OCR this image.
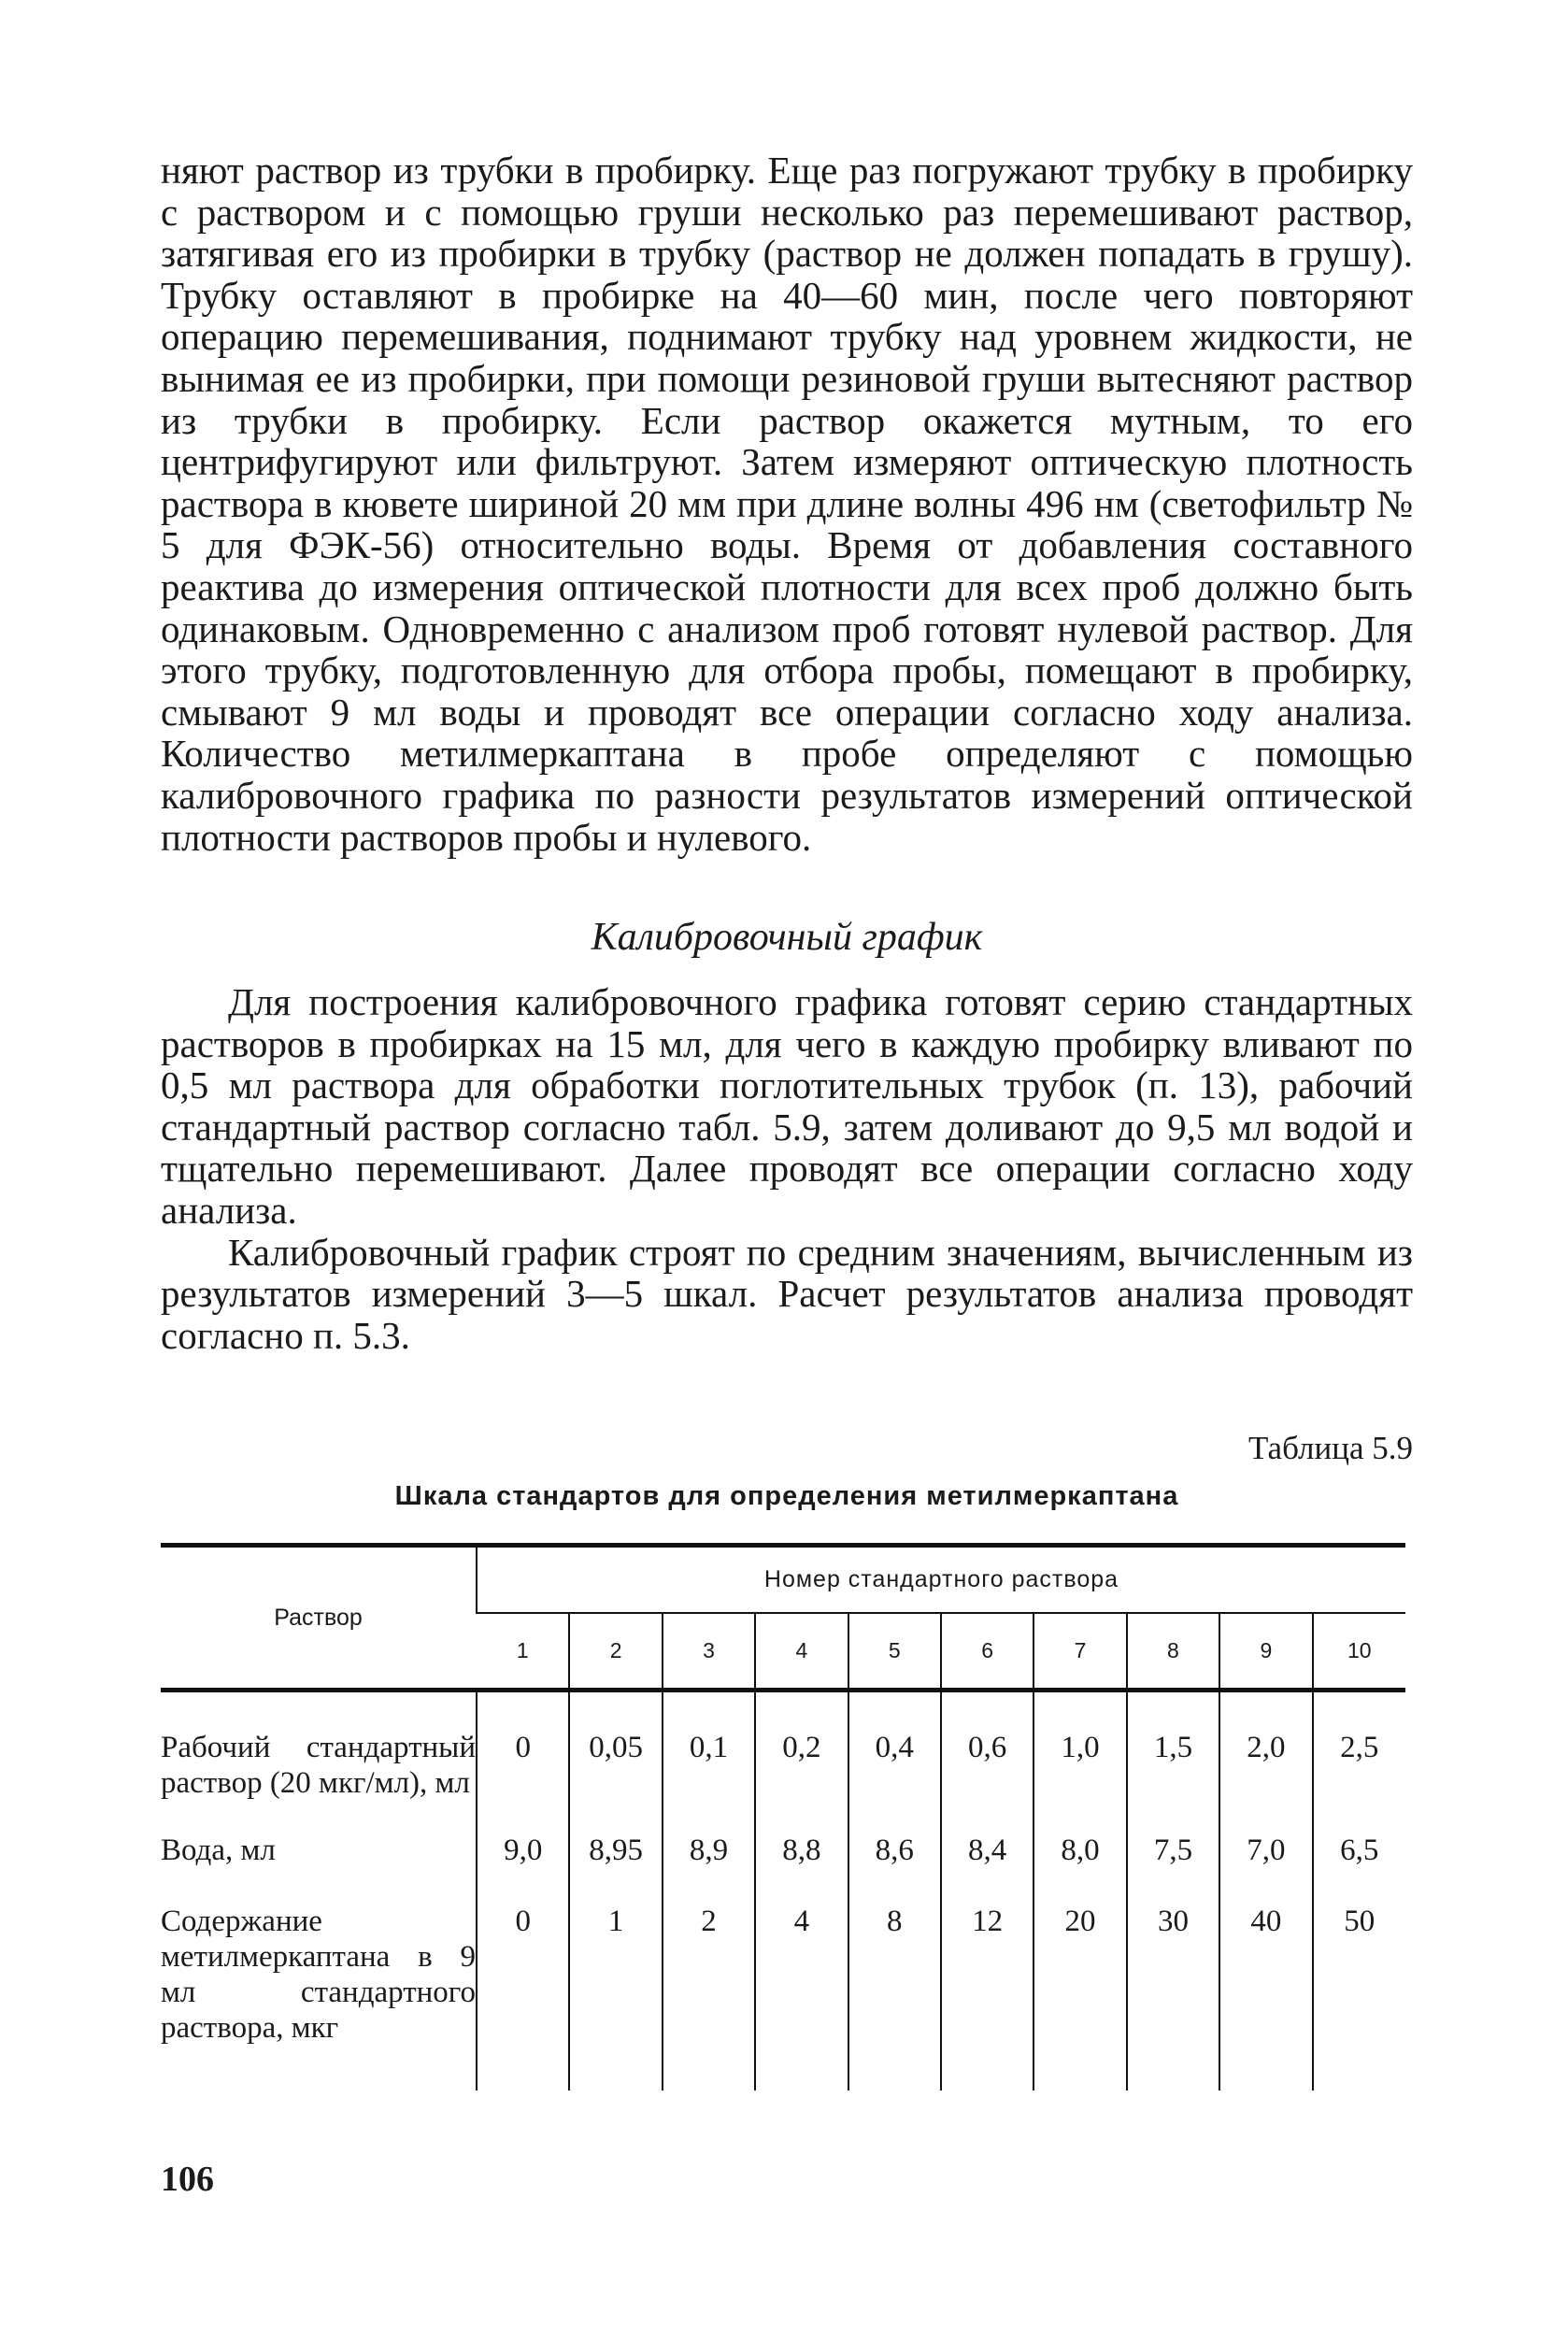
няют раствор из трубки в пробирку. Еще раз погружают трубку в пробирку с раствором и с помощью груши несколько раз перемешивают раствор, затягивая его из пробирки в трубку (раствор не должен попадать в грушу). Трубку оставляют в пробирке на 40—60 мин, после чего повторяют операцию перемешивания, поднимают трубку над уровнем жидкости, не вынимая ее из пробирки, при помощи резиновой груши вытесняют раствор из трубки в пробирку. Если раствор окажется мутным, то его центрифугируют или фильтруют. Затем измеряют оптическую плотность раствора в кювете шириной 20 мм при длине волны 496 нм (светофильтр № 5 для ФЭК-56) относительно воды. Время от добавления составного реактива до измерения оптической плотности для всех проб должно быть одинаковым. Одновременно с анализом проб готовят нулевой раствор. Для этого трубку, подготовленную для отбора пробы, помещают в пробирку, смывают 9 мл воды и проводят все операции согласно ходу анализа. Количество метилмеркаптана в пробе определяют с помощью калибровочного графика по разности результатов измерений оптической плотности растворов пробы и нулевого.

Калибровочный график

Для построения калибровочного графика готовят серию стандартных растворов в пробирках на 15 мл, для чего в каждую пробирку вливают по 0,5 мл раствора для обработки поглотительных трубок (п. 13), рабочий стандартный раствор согласно табл. 5.9, затем доливают до 9,5 мл водой и тщательно перемешивают. Далее проводят все операции согласно ходу анализа.

Калибровочный график строят по средним значениям, вычисленным из результатов измерений 3—5 шкал. Расчет результатов анализа проводят согласно п. 5.3.

Таблица 5.9
Шкала стандартов для определения метилмеркаптана
Раствор	Номер стандартного раствора									
	1	2	3	4	5	6	7	8	9	10
Рабочий стандартный раствор (20 мкг/мл), мл	0	0,05	0,1	0,2	0,4	0,6	1,0	1,5	2,0	2,5
Вода, мл	9,0	8,95	8,9	8,8	8,6	8,4	8,0	7,5	7,0	6,5
Содержание метилмеркаптана в 9 мл стандартного раствора, мкг	0	1	2	4	8	12	20	30	40	50
106
